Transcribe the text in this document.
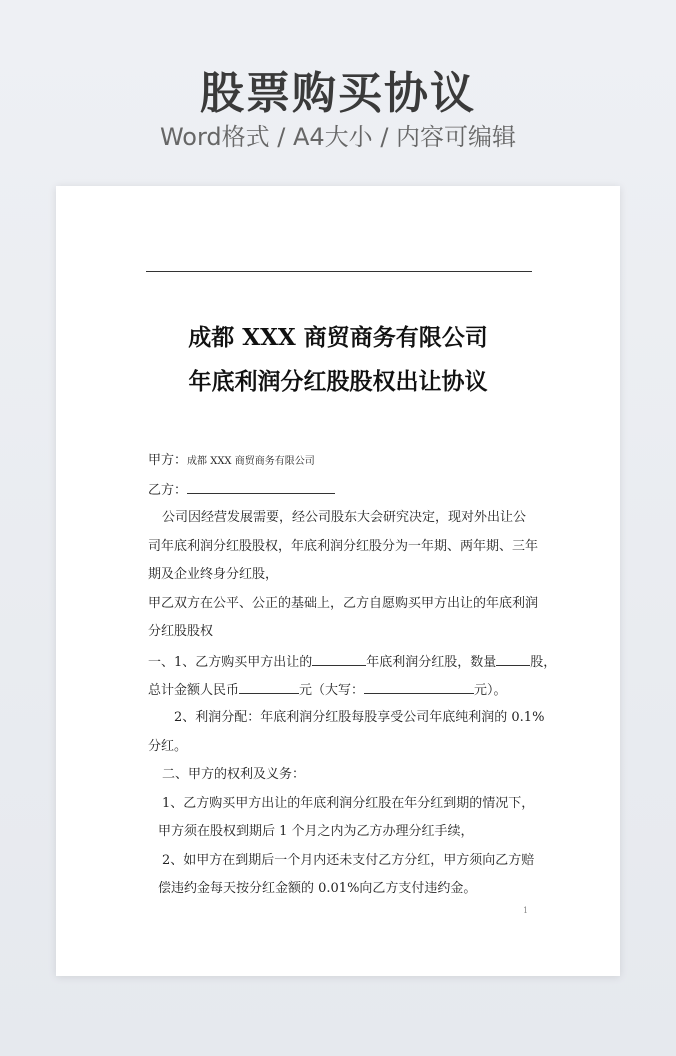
股票购买协议
Word格式 / A4大小 / 内容可编辑
成都 XXX 商贸商务有限公司
年底利润分红股股权出让协议
甲方：成都 XXX 商贸商务有限公司
乙方：
公司因经营发展需要，经公司股东大会研究决定，现对外出让公
司年底利润分红股股权，年底利润分红股分为一年期、两年期、三年
期及企业终身分红股，
甲乙双方在公平、公正的基础上，乙方自愿购买甲方出让的年底利润
分红股股权
一、1、乙方购买甲方出让的	年底利润分红股，数量	股，
总计金额人民币	元（大写：	元）。
2、利润分配：年底利润分红股每股享受公司年底纯利润的 0.1%
分红。
二、甲方的权利及义务：
1、乙方购买甲方出让的年底利润分红股在年分红到期的情况下，
甲方须在股权到期后 1 个月之内为乙方办理分红手续，
2、如甲方在到期后一个月内还未支付乙方分红，甲方须向乙方赔
偿违约金每天按分红金额的 0.01%向乙方支付违约金。
1
